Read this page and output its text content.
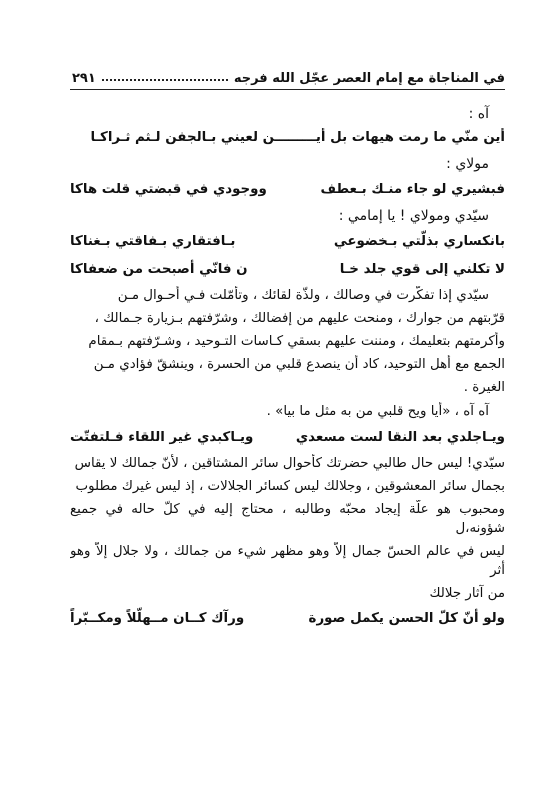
في المناجاة مع إمام العصر عجّل الله فرجه
٢٩١

آه :

أين منّي ما رمت هيهات بل أيـــــــــن لعيني بـالجفن لـثم ثـراكـا

مولاي :

فبشيري لو جاء منـك بـعطف
ووجودي في قبضتي قلت هاكا

سيّدي ومولاي ! يا إمامي :

بانكساري بذلّتي بـخضوعي
بـافتقاري بـفاقتي بـغناكا
لا تكلني إلى قوي جلد خـا
ن فانّي أصبحت من ضعفاكا

سيّدي إذا تفكّرت في وصالك ، ولذّة لقائك ، وتأمّلت فـي أحـوال مـن

قرّبتهم من جوارك ، ومنحت عليهم من إفضالك ، وشرّفتهم بـزيارة جـمالك ،

وأكرمتهم بتعليمك ، ومننت عليهم بسقي كـاسات التـوحيد ، وشـرّفتهم بـمقام

الجمع مع أهل التوحيد، كاد أن ينصدع قلبي من الحسرة ، وينشقّ فؤادي مـن

الغيرة .

آه آه ، «أيا ويح قلبي من به مثل ما بيا» .

ويـاجلدي بعد النقا لست مسعدي
ويـاكبدي غير اللقاء فـلتفتّت

سيّدي! ليس حال طالبي حضرتك كأحوال سائر المشتاقين ، لأنّ جمالك لا يقاس

بجمال سائر المعشوقين ، وجلالك ليس كسائر الجلالات ، إذ ليس غيرك مطلوب

ومحبوب هو علّة إيجاد محبّه وطالبه ، محتاج إليه في كلّ حاله في جميع شؤونه،ل

ليس في عالم الحسّ جمال إلاّ وهو مظهر شيء من جمالك ، ولا جلال إلاّ وهو أثر

من آثار جلالك

ولو أنّ كلّ الحسن يكمل صورة
ورآك كــان مــهلّلاً ومكــبّراً
